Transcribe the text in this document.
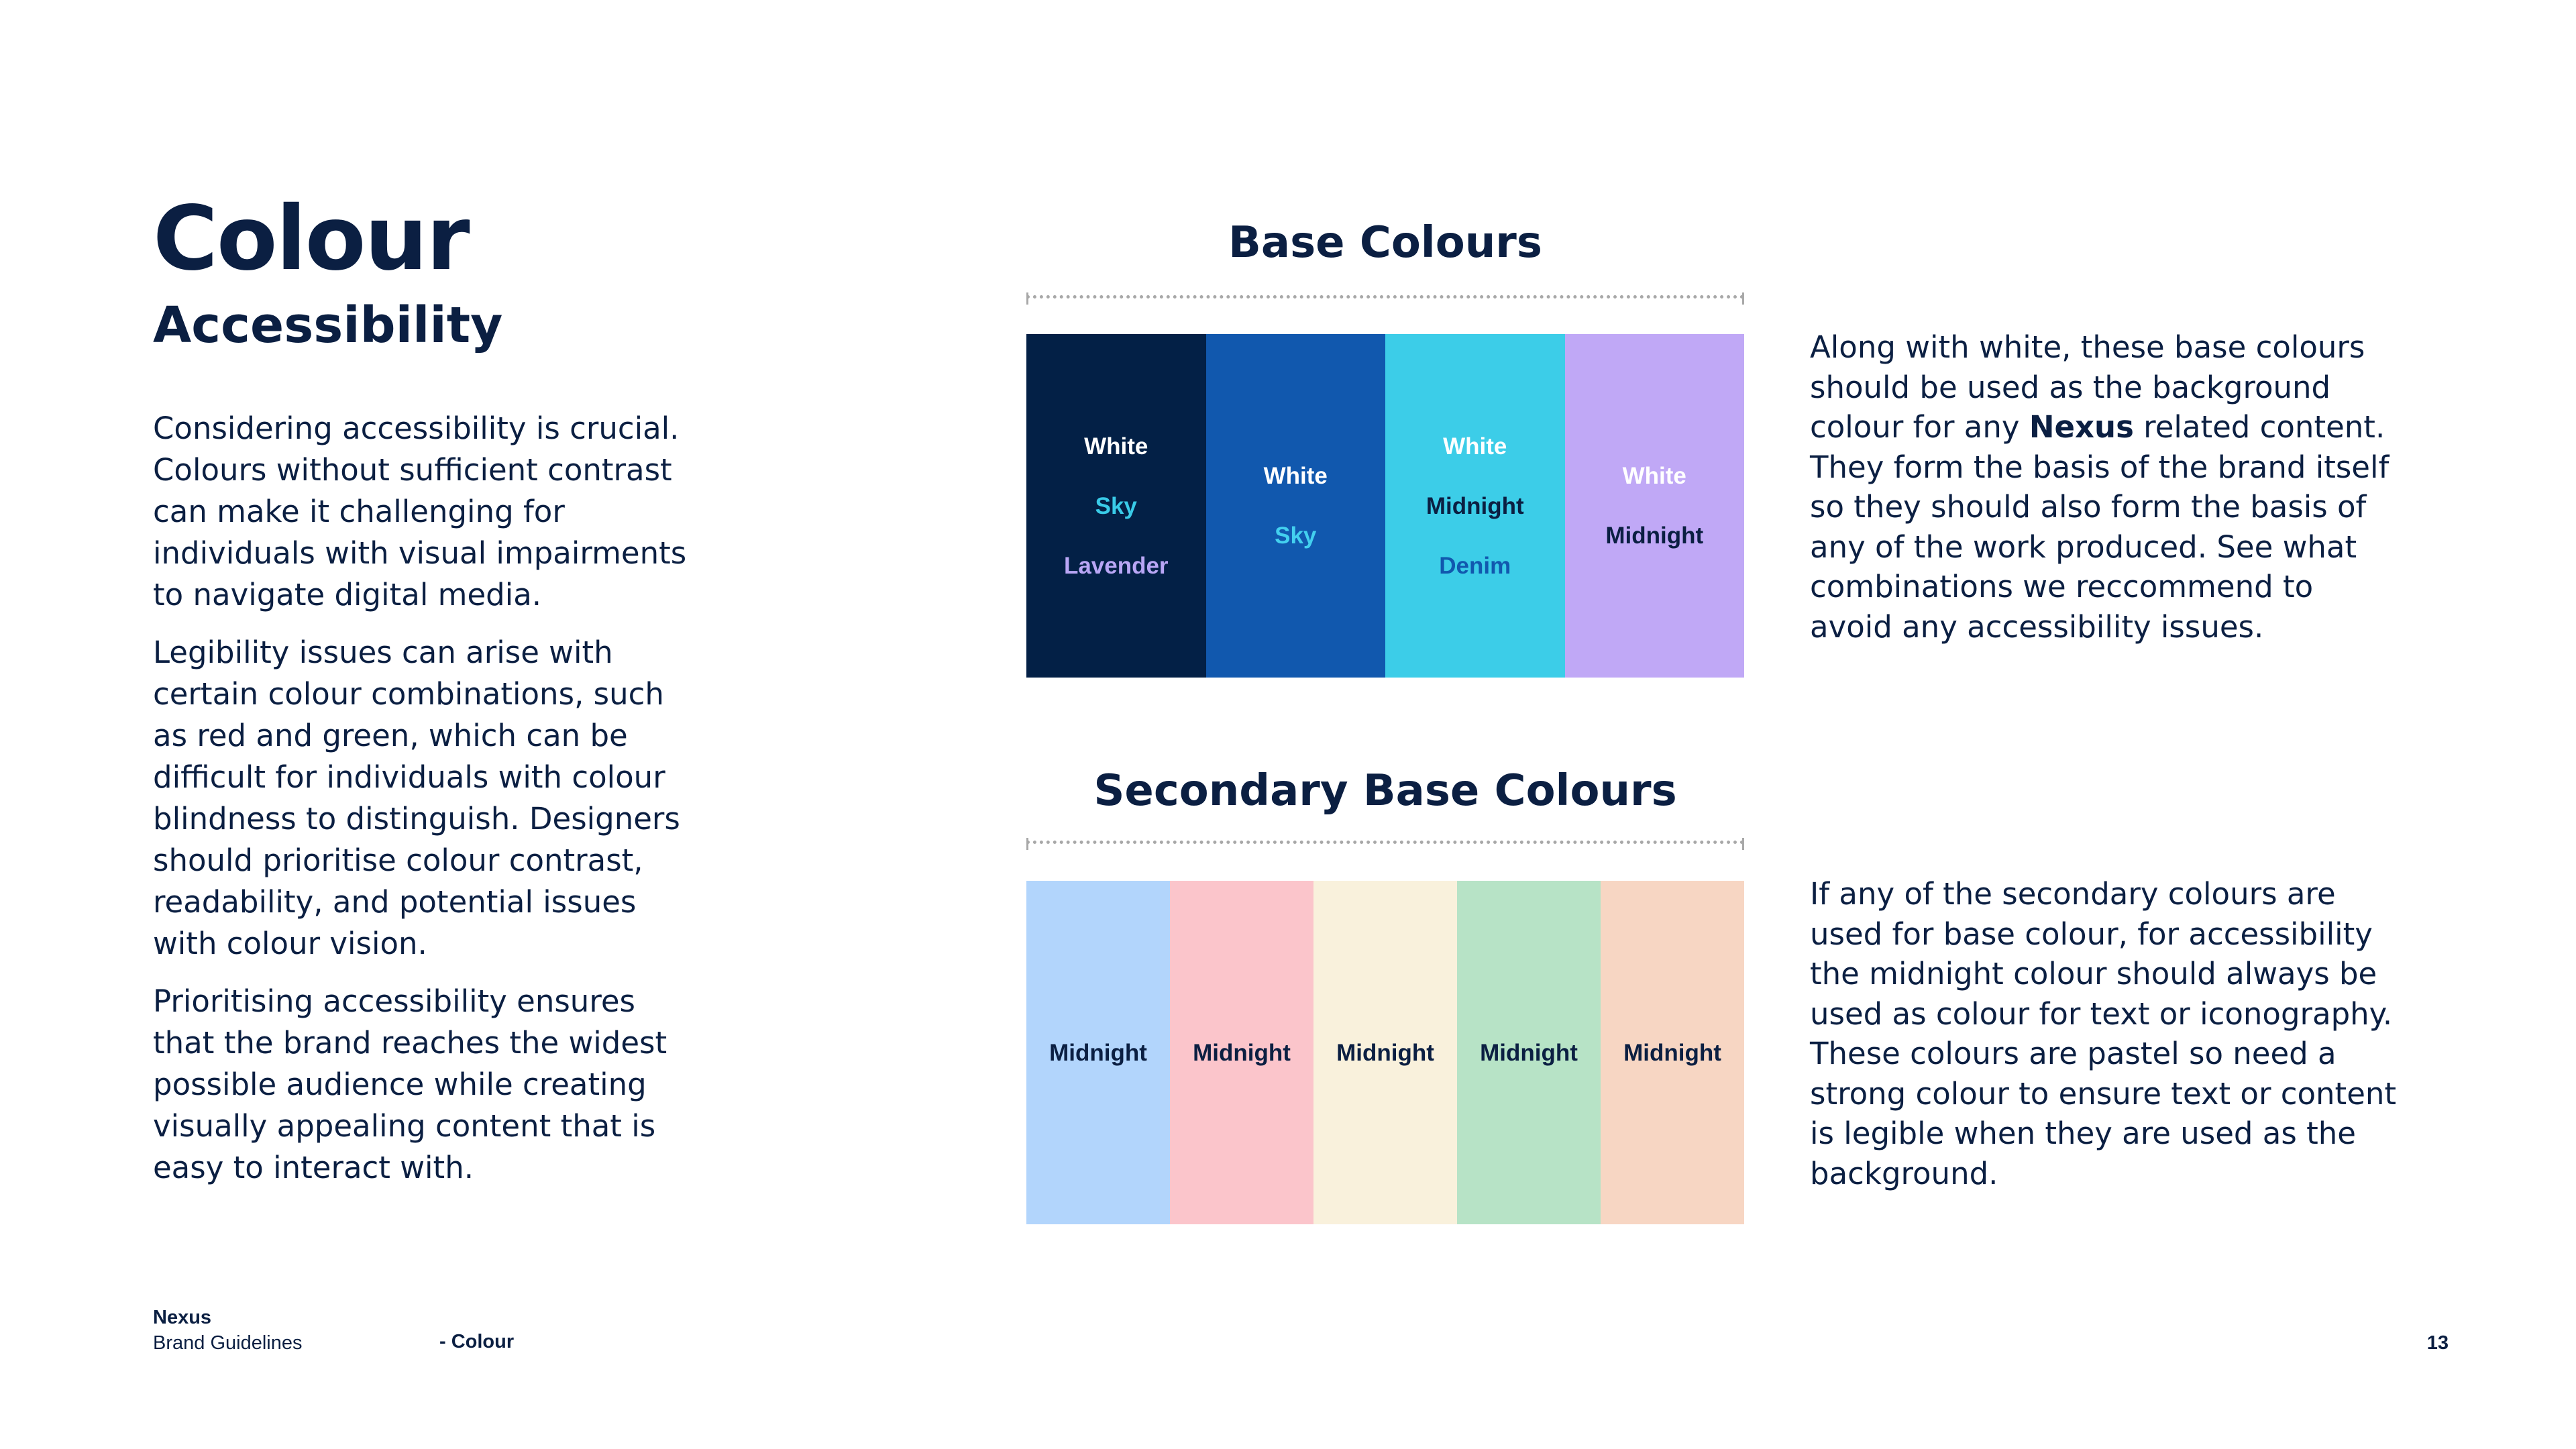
Colour
Accessibility

Considering accessibility is crucial. Colours without sufficient contrast can make it challenging for individuals with visual impairments to navigate digital media.

Legibility issues can arise with certain colour combinations, such as red and green, which can be difficult for individuals with colour blindness to distinguish. Designers should prioritise colour contrast, readability, and potential issues with colour vision.

Prioritising accessibility ensures that the brand reaches the widest possible audience while creating visually appealing content that is easy to interact with.

Base Colours
White
Sky
Lavender
White
Sky
White
Midnight
Denim
White
Midnight

Along with white, these base colours should be used as the background colour for any Nexus related content. They form the basis of the brand itself so they should also form the basis of any of the work produced. See what combinations we reccommend to avoid any accessibility issues.

Secondary Base Colours
Midnight Midnight Midnight Midnight Midnight

If any of the secondary colours are used for base colour, for accessibility the midnight colour should always be used as colour for text or iconography. These colours are pastel so need a strong colour to ensure text or content is legible when they are used as the background.

Nexus
Brand Guidelines	- Colour	13
